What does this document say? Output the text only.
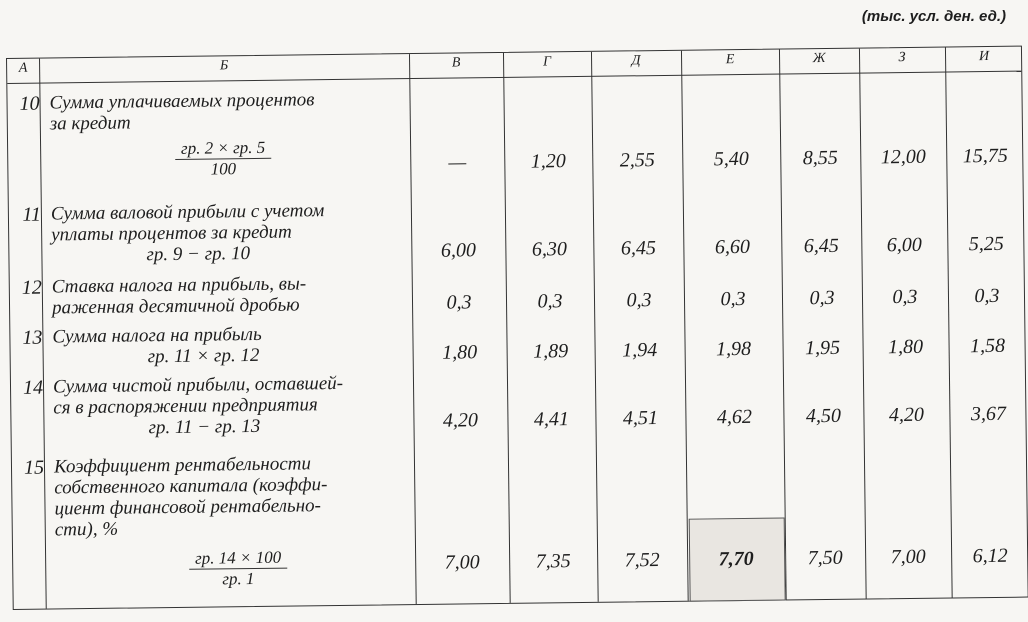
(тыс. усл. ден. ед.)
А	Б	В	Г	Д	Е	Ж	З	И
10 Сумма уплачиваемых процентов
за кредит
гр. 2 × гр. 5
100	—	1,20	2,55	5,40	8,55	12,00	15,75
11 Сумма валовой прибыли с учетом
уплаты процентов за кредит
гр. 9 − гр. 10	6,00	6,30	6,45	6,60	6,45	6,00	5,25
12 Ставка налога на прибыль, вы-
раженная десятичной дробью	0,3	0,3	0,3	0,3	0,3	0,3	0,3
13 Сумма налога на прибыль
гр. 11 × гр. 12	1,80	1,89	1,94	1,98	1,95	1,80	1,58
14 Сумма чистой прибыли, оставшей-
ся в распоряжении предприятия
гр. 11 − гр. 13	4,20	4,41	4,51	4,62	4,50	4,20	3,67
15 Коэффициент рентабельности
собственного капитала (коэффи-
циент финансовой рентабельно-
сти), %
гр. 14 × 100
гр. 1
7,00	7,35	7,52	7,70	7,50	7,00	6,12
